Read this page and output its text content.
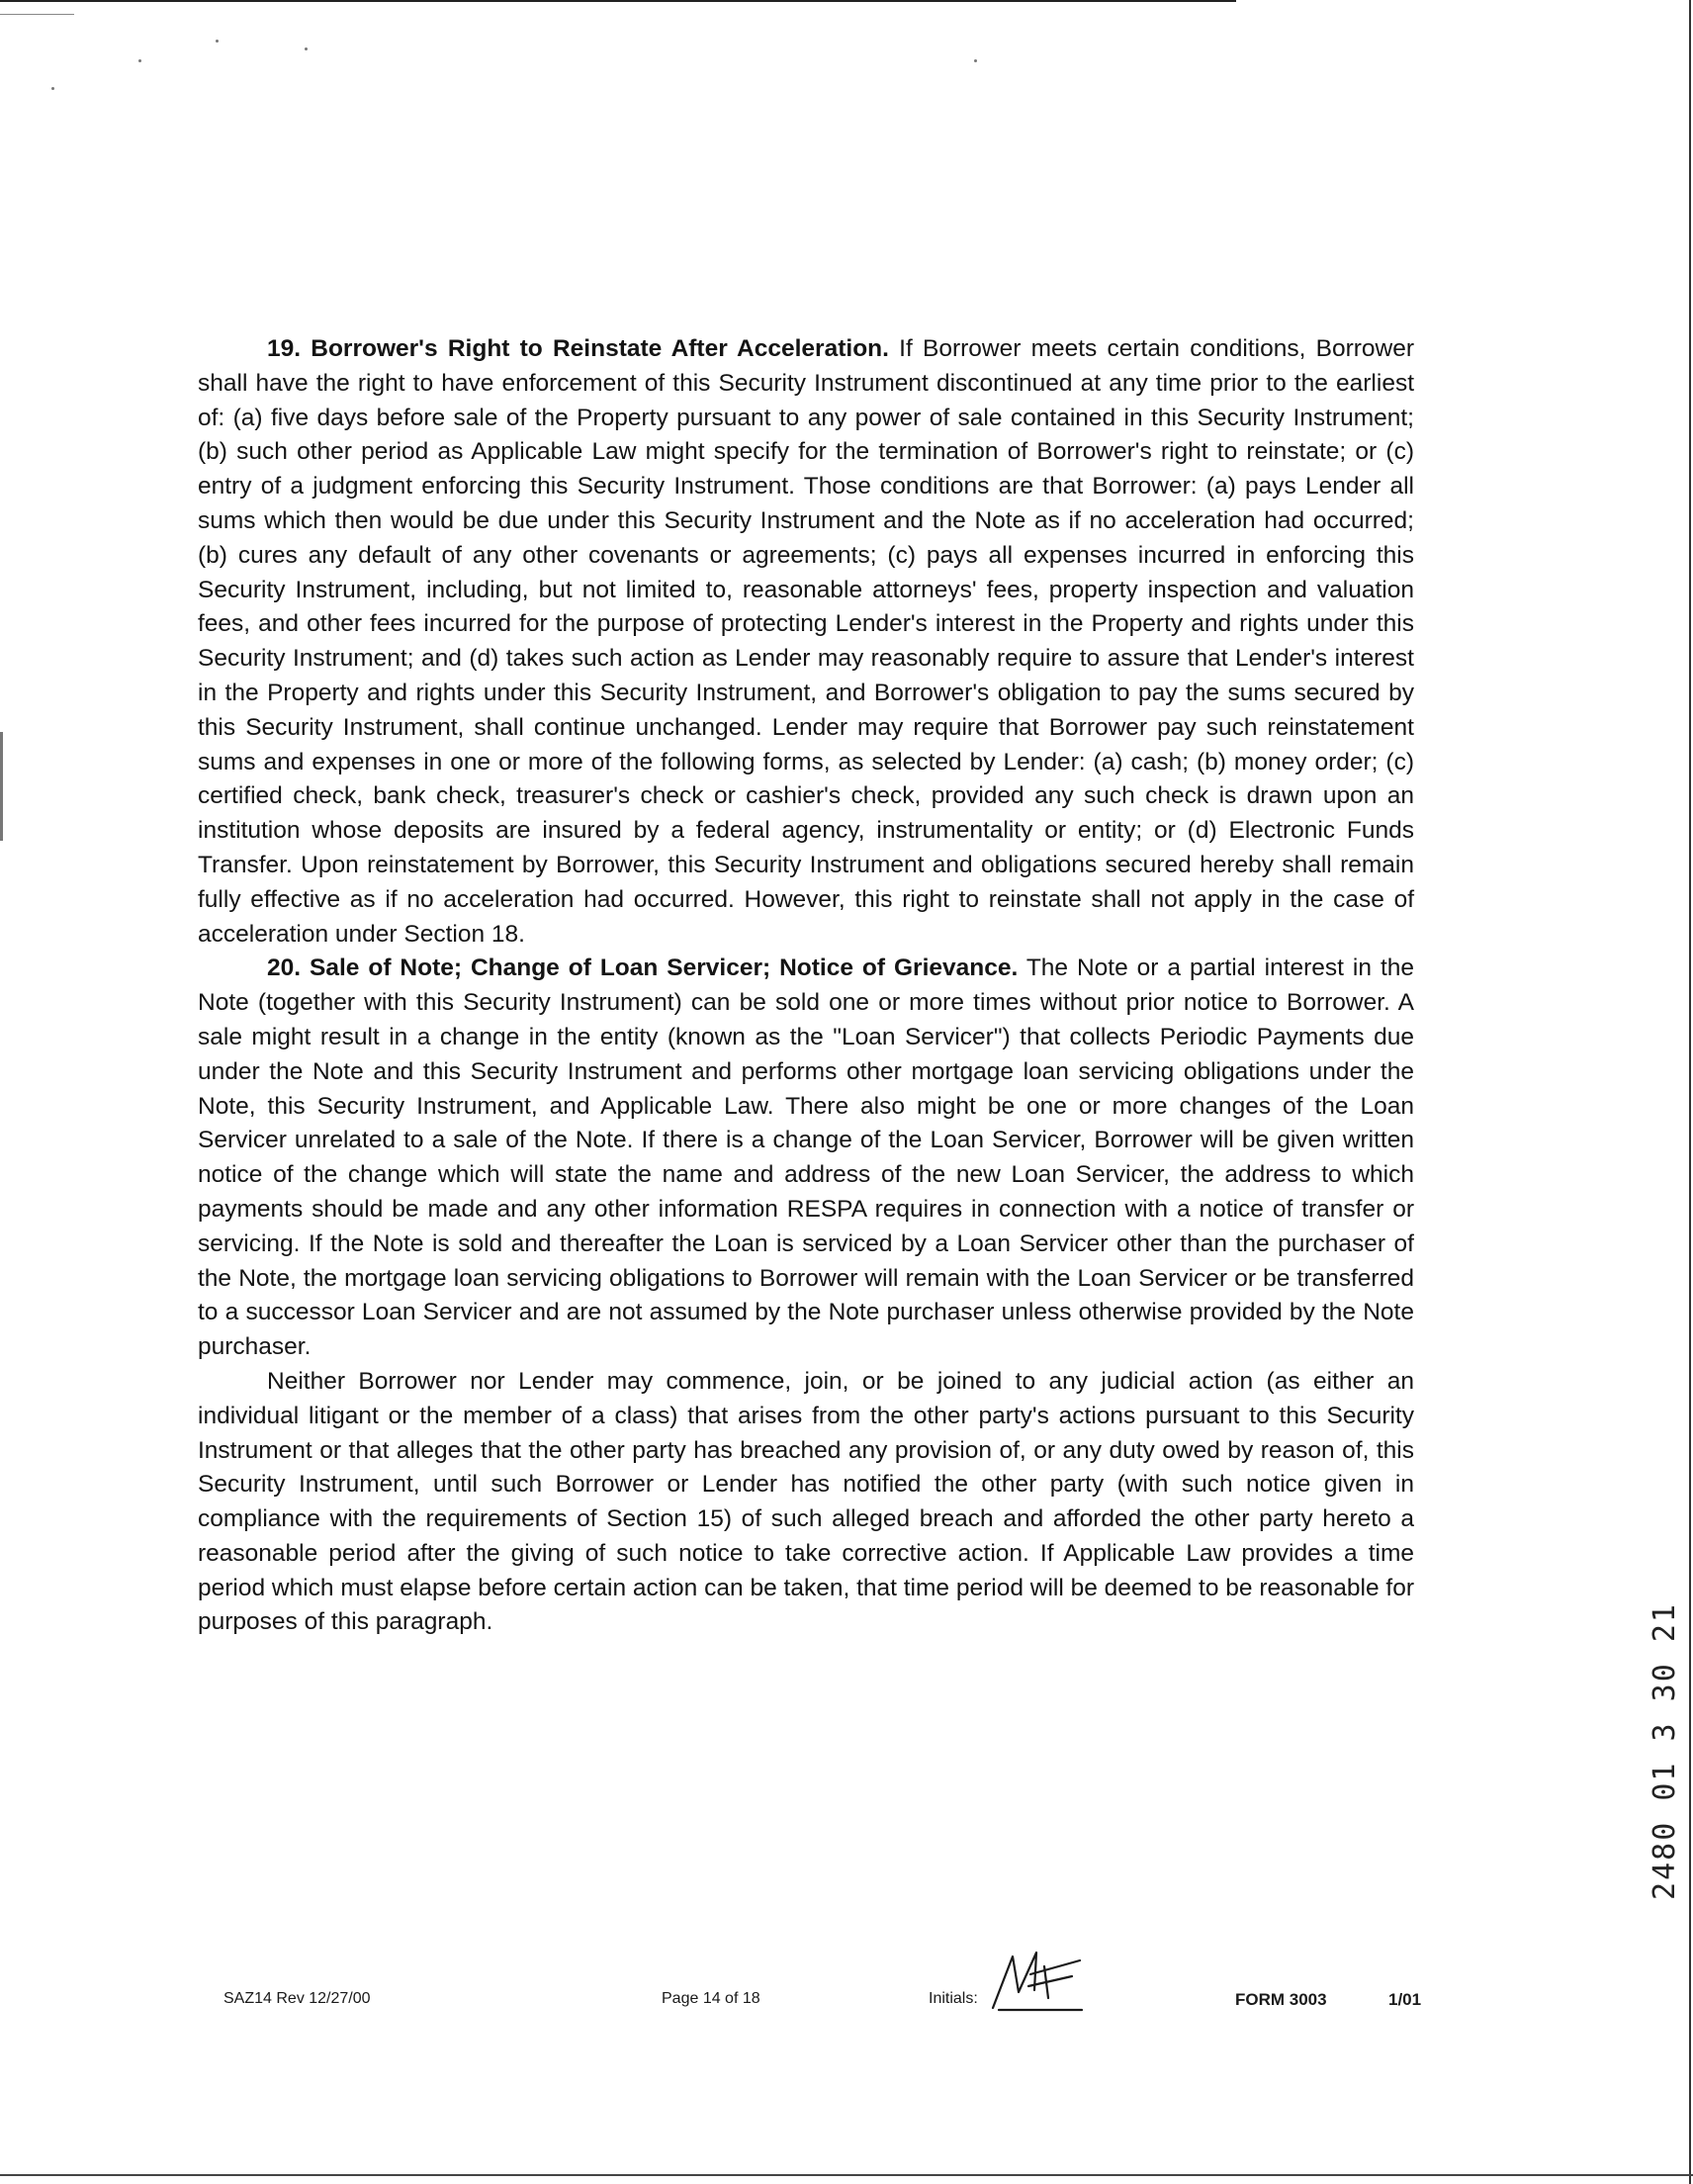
19. Borrower's Right to Reinstate After Acceleration. If Borrower meets certain conditions, Borrower shall have the right to have enforcement of this Security Instrument discontinued at any time prior to the earliest of: (a) five days before sale of the Property pursuant to any power of sale contained in this Security Instrument; (b) such other period as Applicable Law might specify for the termination of Borrower's right to reinstate; or (c) entry of a judgment enforcing this Security Instrument. Those conditions are that Borrower: (a) pays Lender all sums which then would be due under this Security Instrument and the Note as if no acceleration had occurred; (b) cures any default of any other covenants or agreements; (c) pays all expenses incurred in enforcing this Security Instrument, including, but not limited to, reasonable attorneys' fees, property inspection and valuation fees, and other fees incurred for the purpose of protecting Lender's interest in the Property and rights under this Security Instrument; and (d) takes such action as Lender may reasonably require to assure that Lender's interest in the Property and rights under this Security Instrument, and Borrower's obligation to pay the sums secured by this Security Instrument, shall continue unchanged. Lender may require that Borrower pay such reinstatement sums and expenses in one or more of the following forms, as selected by Lender: (a) cash; (b) money order; (c) certified check, bank check, treasurer's check or cashier's check, provided any such check is drawn upon an institution whose deposits are insured by a federal agency, instrumentality or entity; or (d) Electronic Funds Transfer. Upon reinstatement by Borrower, this Security Instrument and obligations secured hereby shall remain fully effective as if no acceleration had occurred. However, this right to reinstate shall not apply in the case of acceleration under Section 18.

20. Sale of Note; Change of Loan Servicer; Notice of Grievance. The Note or a partial interest in the Note (together with this Security Instrument) can be sold one or more times without prior notice to Borrower. A sale might result in a change in the entity (known as the "Loan Servicer") that collects Periodic Payments due under the Note and this Security Instrument and performs other mortgage loan servicing obligations under the Note, this Security Instrument, and Applicable Law. There also might be one or more changes of the Loan Servicer unrelated to a sale of the Note. If there is a change of the Loan Servicer, Borrower will be given written notice of the change which will state the name and address of the new Loan Servicer, the address to which payments should be made and any other information RESPA requires in connection with a notice of transfer or servicing. If the Note is sold and thereafter the Loan is serviced by a Loan Servicer other than the purchaser of the Note, the mortgage loan servicing obligations to Borrower will remain with the Loan Servicer or be transferred to a successor Loan Servicer and are not assumed by the Note purchaser unless otherwise provided by the Note purchaser.

Neither Borrower nor Lender may commence, join, or be joined to any judicial action (as either an individual litigant or the member of a class) that arises from the other party's actions pursuant to this Security Instrument or that alleges that the other party has breached any provision of, or any duty owed by reason of, this Security Instrument, until such Borrower or Lender has notified the other party (with such notice given in compliance with the requirements of Section 15) of such alleged breach and afforded the other party hereto a reasonable period after the giving of such notice to take corrective action. If Applicable Law provides a time period which must elapse before certain action can be taken, that time period will be deemed to be reasonable for purposes of this paragraph.	2480 01 3 30 21
SAZ14 Rev 12/27/00	Page 14 of 18	Initials:	FORM 3003	1/01
